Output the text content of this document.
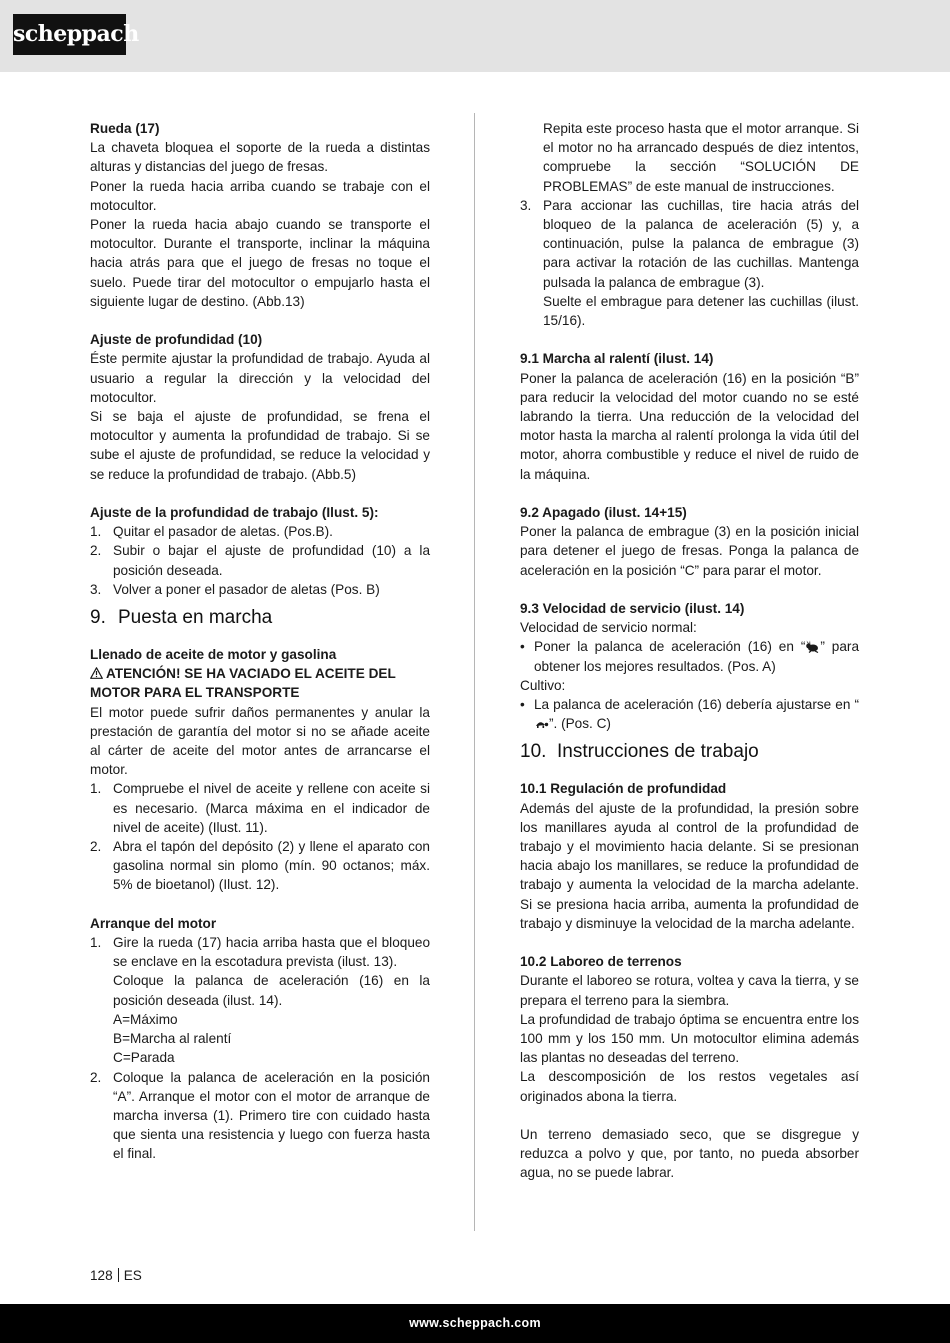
scheppach
Rueda (17)
La chaveta bloquea el soporte de la rueda a distintas alturas y distancias del juego de fresas.
Poner la rueda hacia arriba cuando se trabaje con el motocultor.
Poner la rueda hacia abajo cuando se transporte el motocultor. Durante el transporte, inclinar la máquina hacia atrás para que el juego de fresas no toque el suelo. Puede tirar del motocultor o empujarlo hasta el siguiente lugar de destino. (Abb.13)
Ajuste de profundidad (10)
Éste permite ajustar la profundidad de trabajo. Ayuda al usuario a regular la dirección y la velocidad del motocultor.
Si se baja el ajuste de profundidad, se frena el motocultor y aumenta la profundidad de trabajo. Si se sube el ajuste de profundidad, se reduce la velocidad y se reduce la profundidad de trabajo. (Abb.5)
Ajuste de la profundidad de trabajo (Ilust. 5):
1. Quitar el pasador de aletas. (Pos.B).
2. Subir o bajar el ajuste de profundidad (10) a la posición deseada.
3. Volver a poner el pasador de aletas (Pos. B)
9. Puesta en marcha
Llenado de aceite de motor y gasolina
ATENCIÓN! SE HA VACIADO EL ACEITE DEL MOTOR PARA EL TRANSPORTE
El motor puede sufrir daños permanentes y anular la prestación de garantía del motor si no se añade aceite al cárter de aceite del motor antes de arrancarse el motor.
1. Compruebe el nivel de aceite y rellene con aceite si es necesario. (Marca máxima en el indicador de nivel de aceite) (Ilust. 11).
2. Abra el tapón del depósito (2) y llene el aparato con gasolina normal sin plomo (mín. 90 octanos; máx. 5% de bioetanol) (Ilust. 12).
Arranque del motor
1. Gire la rueda (17) hacia arriba hasta que el bloqueo se enclave en la escotadura prevista (ilust. 13).
Coloque la palanca de aceleración (16) en la posición deseada (ilust. 14).
A=Máximo
B=Marcha al ralentí
C=Parada
2. Coloque la palanca de aceleración en la posición “A”. Arranque el motor con el motor de arranque de marcha inversa (1). Primero tire con cuidado hasta que sienta una resistencia y luego con fuerza hasta el final.
Repita este proceso hasta que el motor arranque. Si el motor no ha arrancado después de diez intentos, compruebe la sección “SOLUCIÓN DE PROBLEMAS” de este manual de instrucciones.
3. Para accionar las cuchillas, tire hacia atrás del bloqueo de la palanca de aceleración (5) y, a continuación, pulse la palanca de embrague (3) para activar la rotación de las cuchillas. Mantenga pulsada la palanca de embrague (3).
Suelte el embrague para detener las cuchillas (ilust. 15/16).
9.1 Marcha al ralentí (ilust. 14)
Poner la palanca de aceleración (16) en la posición “B” para reducir la velocidad del motor cuando no se esté labrando la tierra. Una reducción de la velocidad del motor hasta la marcha al ralentí prolonga la vida útil del motor, ahorra combustible y reduce el nivel de ruido de la máquina.
9.2 Apagado (ilust. 14+15)
Poner la palanca de embrague (3) en la posición inicial para detener el juego de fresas. Ponga la palanca de aceleración en la posición “C” para parar el motor.
9.3 Velocidad de servicio (ilust. 14)
Velocidad de servicio normal:
• Poner la palanca de aceleración (16) en “ ” para obtener los mejores resultados. (Pos. A)
Cultivo:
• La palanca de aceleración (16) debería ajustarse en “”. (Pos. C)
10. Instrucciones de trabajo
10.1 Regulación de profundidad
Además del ajuste de la profundidad, la presión sobre los manillares ayuda al control de la profundidad de trabajo y el movimiento hacia delante. Si se presionan hacia abajo los manillares, se reduce la profundidad de trabajo y aumenta la velocidad de la marcha adelante. Si se presiona hacia arriba, aumenta la profundidad de trabajo y disminuye la velocidad de la marcha adelante.
10.2 Laboreo de terrenos
Durante el laboreo se rotura, voltea y cava la tierra, y se prepara el terreno para la siembra.
La profundidad de trabajo óptima se encuentra entre los 100 mm y los 150 mm. Un motocultor elimina además las plantas no deseadas del terreno.
La descomposición de los restos vegetales así originados abona la tierra.
Un terreno demasiado seco, que se disgregue y reduzca a polvo y que, por tanto, no pueda absorber agua, no se puede labrar.
128 ES
www.scheppach.com
